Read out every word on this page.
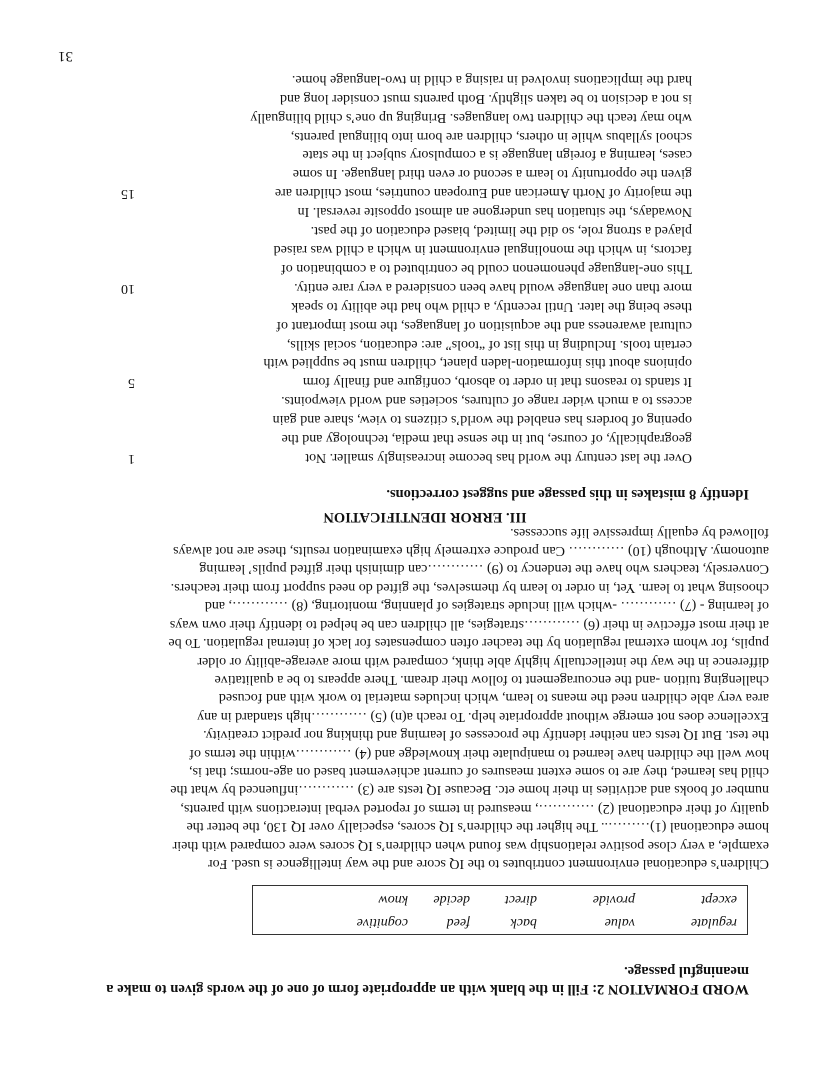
WORD FORMATION 2: Fill in the blank with an appropriate form of one of the words given to make a meaningful passage.

regulate
value
back
feed
cognitive
except
provide
direct
decide
know
Children’s educational environment contributes to the IQ score and the way intelligence is used. For
example, a very close positive relationship was found when children’s IQ scores were compared with their
home educational (1)……….. The higher the children’s IQ scores, especially over IQ 130, the better the
quality of their educational (2) …………, measured in terms of reported verbal interactions with parents,
number of books and activities in their home etc. Because IQ tests are (3) …………influenced by what the
child has learned, they are to some extent measures of current achievement based on age-norms; that is,
how well the children have learned to manipulate their knowledge and (4) …………within the terms of
the test. But IQ tests can neither identify the processes of learning and thinking nor predict creativity.
Excellence does not emerge without appropriate help. To reach a(n) (5) …………high standard in any
area very able children need the means to learn, which includes material to work with and focused
challenging tuition -and the encouragement to follow their dream. There appears to be a qualitative
difference in the way the intellectually highly able think, compared with more average-ability or older
pupils, for whom external regulation by the teacher often compensates for lack of internal regulation. To be
at their most effective in their (6) …………strategies, all children can be helped to identify their own ways
of learning - (7) ………… -which will include strategies of planning, monitoring, (8) …………, and
choosing what to learn. Yet, in order to learn by themselves, the gifted do need support from their teachers.
Conversely, teachers who have the tendency to (9) …………can diminish their gifted pupils’ learning
autonomy. Although (10) ………… Can produce extremely high examination results, these are not always
followed by equally impressive life successes.

III. ERROR IDENTIFICATION

Identify 8 mistakes in this passage and suggest corrections.

Over the last century the world has become increasingly smaller. Not
geographically, of course, but in the sense that media, technology and the
opening of borders has enabled the world’s citizens to view, share and gain
access to a much wider range of cultures, societies and world viewpoints.
It stands to reasons that in order to absorb, configure and finally form
opinions about this information-laden planet, children must be supplied with
certain tools. Including in this list of “tools” are: education, social skills,
cultural awareness and the acquisition of languages, the most important of
these being the later. Until recently, a child who had the ability to speak
more than one language would have been considered a very rare entity.
This one-language phenomenon could be contributed to a combination of
factors, in which the monolingual environment in which a child was raised
played a strong role, so did the limited, biased education of the past.
Nowadays, the situation has undergone an almost opposite reversal. In
the majority of North American and European countries, most children are
given the opportunity to learn a second or even third language. In some
cases, learning a foreign language is a compulsory subject in the state
school syllabus while in others, children are born into bilingual parents,
who may teach the children two languages. Bringing up one’s child bilingually
is not a decision to be taken slightly. Both parents must consider long and
hard the implications involved in raising a child in two-language home.
1
5
10
15
31
